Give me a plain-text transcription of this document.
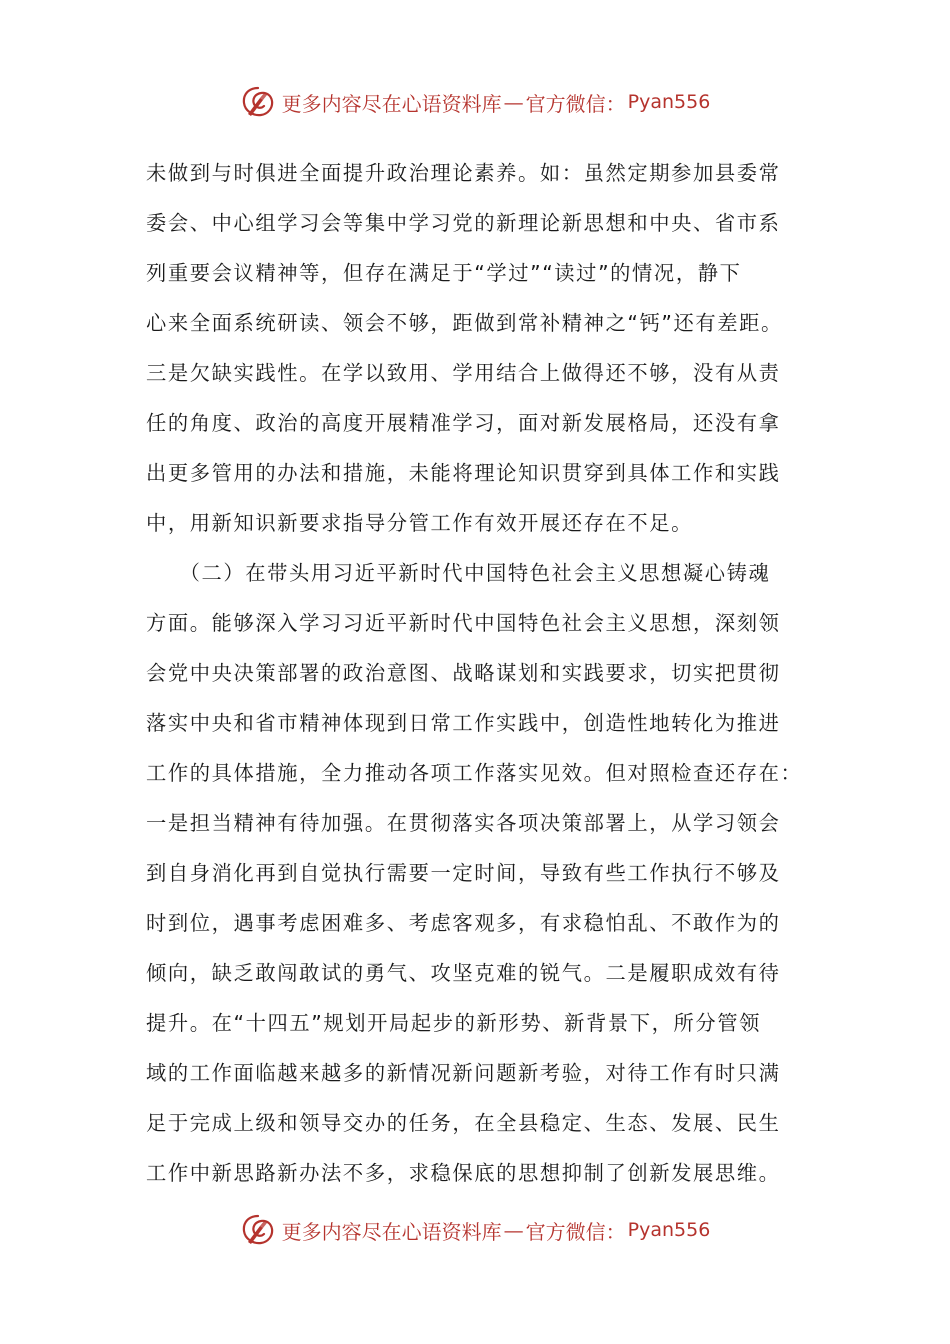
更多内容尽在心语资料库 — 官方微信： Pyan556
未做到与时俱进全面提升政治理论素养。如：虽然定期参加县委常
委会、中心组学习会等集中学习党的新理论新思想和中央、省市系
列重要会议精神等，但存在满足于“学过”“读过”的情况，静下
心来全面系统研读、领会不够，距做到常补精神之“钙”还有差距。
三是欠缺实践性。在学以致用、学用结合上做得还不够，没有从责
任的角度、政治的高度开展精准学习，面对新发展格局，还没有拿
出更多管用的办法和措施，未能将理论知识贯穿到具体工作和实践
中，用新知识新要求指导分管工作有效开展还存在不足。
　　（二）在带头用习近平新时代中国特色社会主义思想凝心铸魂
方面。能够深入学习习近平新时代中国特色社会主义思想，深刻领
会党中央决策部署的政治意图、战略谋划和实践要求，切实把贯彻
落实中央和省市精神体现到日常工作实践中，创造性地转化为推进
工作的具体措施，全力推动各项工作落实见效。但对照检查还存在：
一是担当精神有待加强。在贯彻落实各项决策部署上，从学习领会
到自身消化再到自觉执行需要一定时间，导致有些工作执行不够及
时到位，遇事考虑困难多、考虑客观多，有求稳怕乱、不敢作为的
倾向，缺乏敢闯敢试的勇气、攻坚克难的锐气。二是履职成效有待
提升。在“十四五”规划开局起步的新形势、新背景下，所分管领
域的工作面临越来越多的新情况新问题新考验，对待工作有时只满
足于完成上级和领导交办的任务，在全县稳定、生态、发展、民生
工作中新思路新办法不多，求稳保底的思想抑制了创新发展思维。
更多内容尽在心语资料库 — 官方微信： Pyan556
